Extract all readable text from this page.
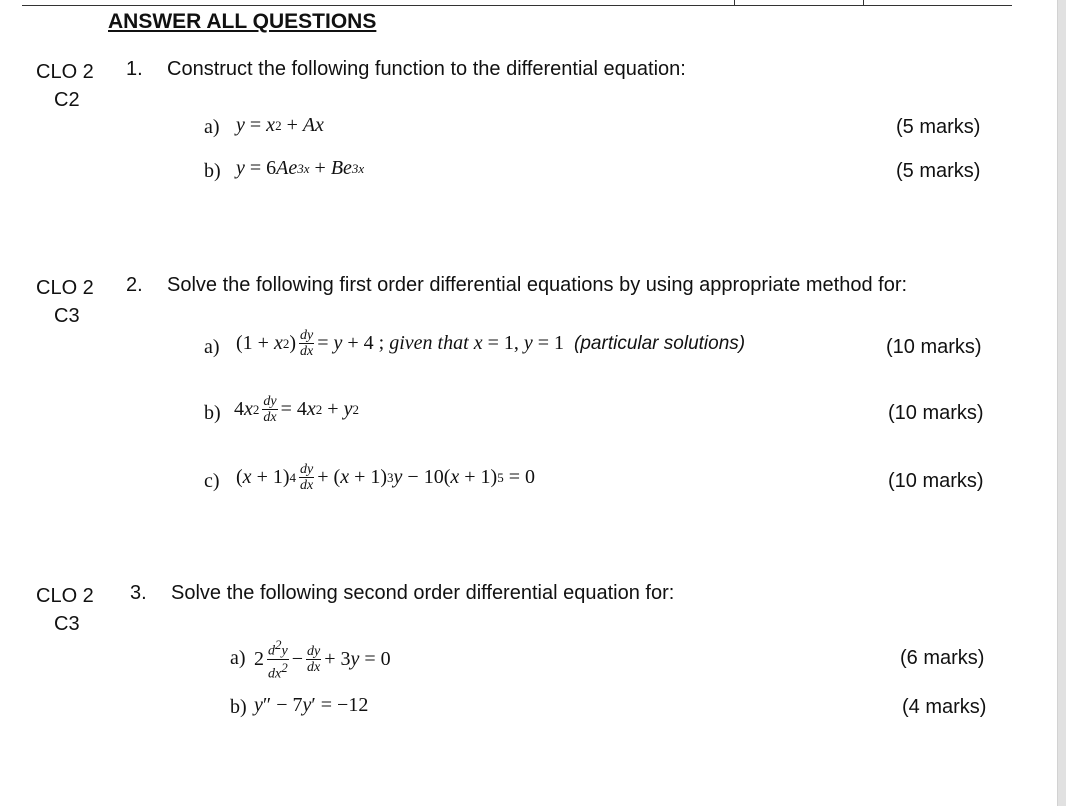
ANSWER ALL QUESTIONS
CLO 2
C2
1. Construct the following function to the differential equation:
a) y = x 2 + Ax	(5 marks)
b) y = 6 Ae 3x + Be 3x	(5 marks)
CLO 2
C3
2. Solve the following first order differential equations by using appropriate method for:
a) (1 + x 2 ) $\frac{dy}{dx} = y + 4$ ; given that
x = 1, y = 1 (particular solutions)	(10 marks)
b) 4 x $2 \frac{dy}{dx} = 4$ x 2 + y 2	(10 marks)
c) ( x + 1) $4 \frac{dy}{dx}$ + ( x + 1) 3 y − 10( x + 1) 5 = 0	(10 marks)
CLO 2
C3
3. Solve the following second order differential equation for:
a) $2 \frac{d^2y}{dx^2} - \frac{dy}{dx} + 3$ y = 0	(6 marks)
b) y ″ − 7 y ′ = −12	(4 marks)
